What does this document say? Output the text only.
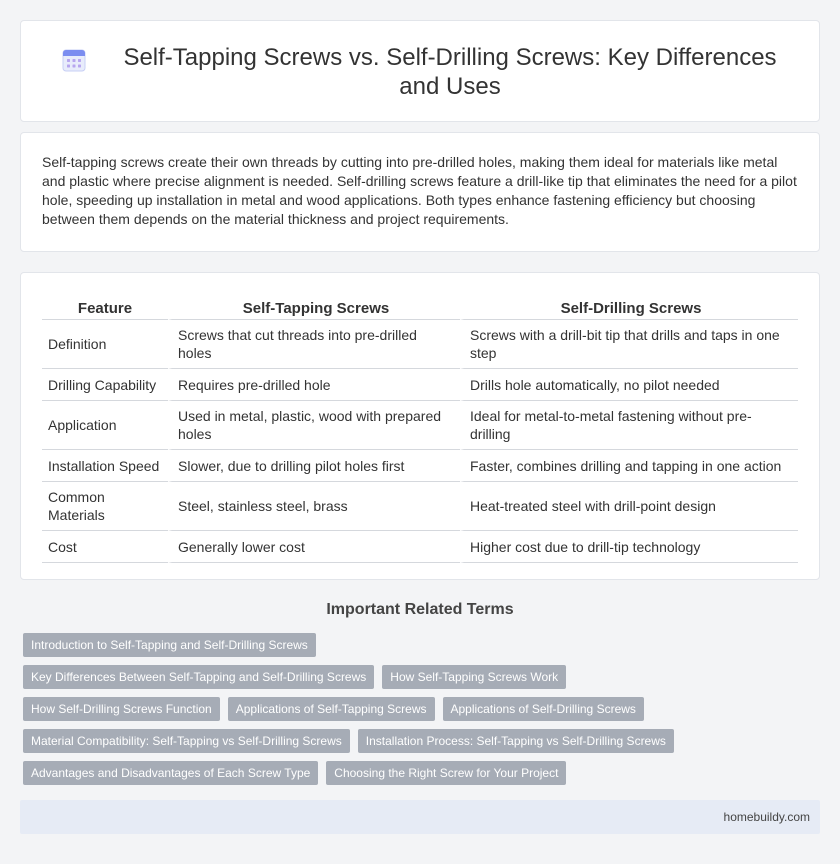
Self-Tapping Screws vs. Self-Drilling Screws: Key Differences and Uses

Self-tapping screws create their own threads by cutting into pre-drilled holes, making them ideal for materials like metal and plastic where precise alignment is needed. Self-drilling screws feature a drill-like tip that eliminates the need for a pilot hole, speeding up installation in metal and wood applications. Both types enhance fastening efficiency but choosing between them depends on the material thickness and project requirements.

Feature	Self-Tapping Screws	Self-Drilling Screws
Definition	Screws that cut threads into pre-drilled holes	Screws with a drill-bit tip that drills and taps in one step
Drilling Capability	Requires pre-drilled hole	Drills hole automatically, no pilot needed
Application	Used in metal, plastic, wood with prepared holes	Ideal for metal-to-metal fastening without pre-drilling
Installation Speed	Slower, due to drilling pilot holes first	Faster, combines drilling and tapping in one action
Common Materials	Steel, stainless steel, brass	Heat-treated steel with drill-point design
Cost	Generally lower cost	Higher cost due to drill-tip technology
Important Related Terms
Introduction to Self-Tapping and Self-Drilling Screws
Key Differences Between Self-Tapping and Self-Drilling Screws	How Self-Tapping Screws Work
How Self-Drilling Screws Function	Applications of Self-Tapping Screws	Applications of Self-Drilling Screws
Material Compatibility: Self-Tapping vs Self-Drilling Screws	Installation Process: Self-Tapping vs Self-Drilling Screws
Advantages and Disadvantages of Each Screw Type	Choosing the Right Screw for Your Project
homebuildy.com
